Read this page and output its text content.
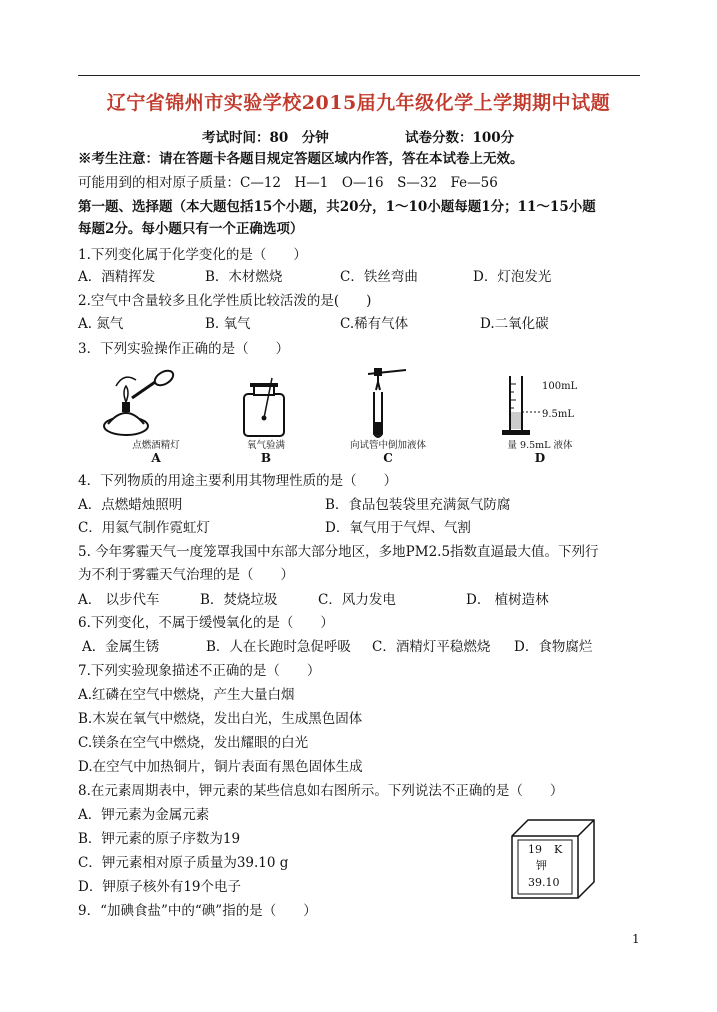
辽宁省锦州市实验学校2015届九年级化学上学期期中试题
考试时间：80　分钟	试卷分数：100分
※考生注意：请在答题卡各题目规定答题区域内作答，答在本试卷上无效。
可能用到的相对原子质量：C—12　H—1　O—16　S—32　Fe—56
第一题、选择题（本大题包括15个小题，共20分，1～10小题每题1分；11～15小题
每题2分。每小题只有一个正确选项）
1.下列变化属于化学变化的是（　　）
A．酒精挥发	B．木材燃烧	C．铁丝弯曲	D．灯泡发光
2.空气中含量较多且化学性质比较活泼的是(　　)
A. 氮气	B. 氧气	C.稀有气体	D.二氧化碳
3．下列实验操作正确的是（　　）
点燃酒精灯
A
氧气验满
B
向试管中倒加液体
C
100mL
9.5mL
量 9.5mL 液体
D
4．下列物质的用途主要利用其物理性质的是（　　）
A．点燃蜡烛照明	B．食品包装袋里充满氮气防腐
C．用氦气制作霓虹灯	D．氧气用于气焊、气割
5. 今年雾霾天气一度笼罩我国中东部大部分地区，多地PM2.5指数直逼最大值。下列行
为不利于雾霾天气治理的是（　　）
A． 以步代车	B．焚烧垃圾	C．风力发电	D． 植树造林
6.下列变化，不属于缓慢氧化的是（　　）
A．金属生锈	B．人在长跑时急促呼吸 C．酒精灯平稳燃烧 D．食物腐烂
7.下列实验现象描述不正确的是（　　）
A.红磷在空气中燃烧，产生大量白烟
B.木炭在氧气中燃烧，发出白光，生成黑色固体
C.镁条在空气中燃烧，发出耀眼的白光
D.在空气中加热铜片，铜片表面有黑色固体生成
8.在元素周期表中，钾元素的某些信息如右图所示。下列说法不正确的是（　　）
A．钾元素为金属元素
B．钾元素的原子序数为19
C．钾元素相对原子质量为39.10 g
D．钾原子核外有19个电子
19 K
钾
39.10
9．“加碘食盐”中的“碘”指的是（　　）
1
